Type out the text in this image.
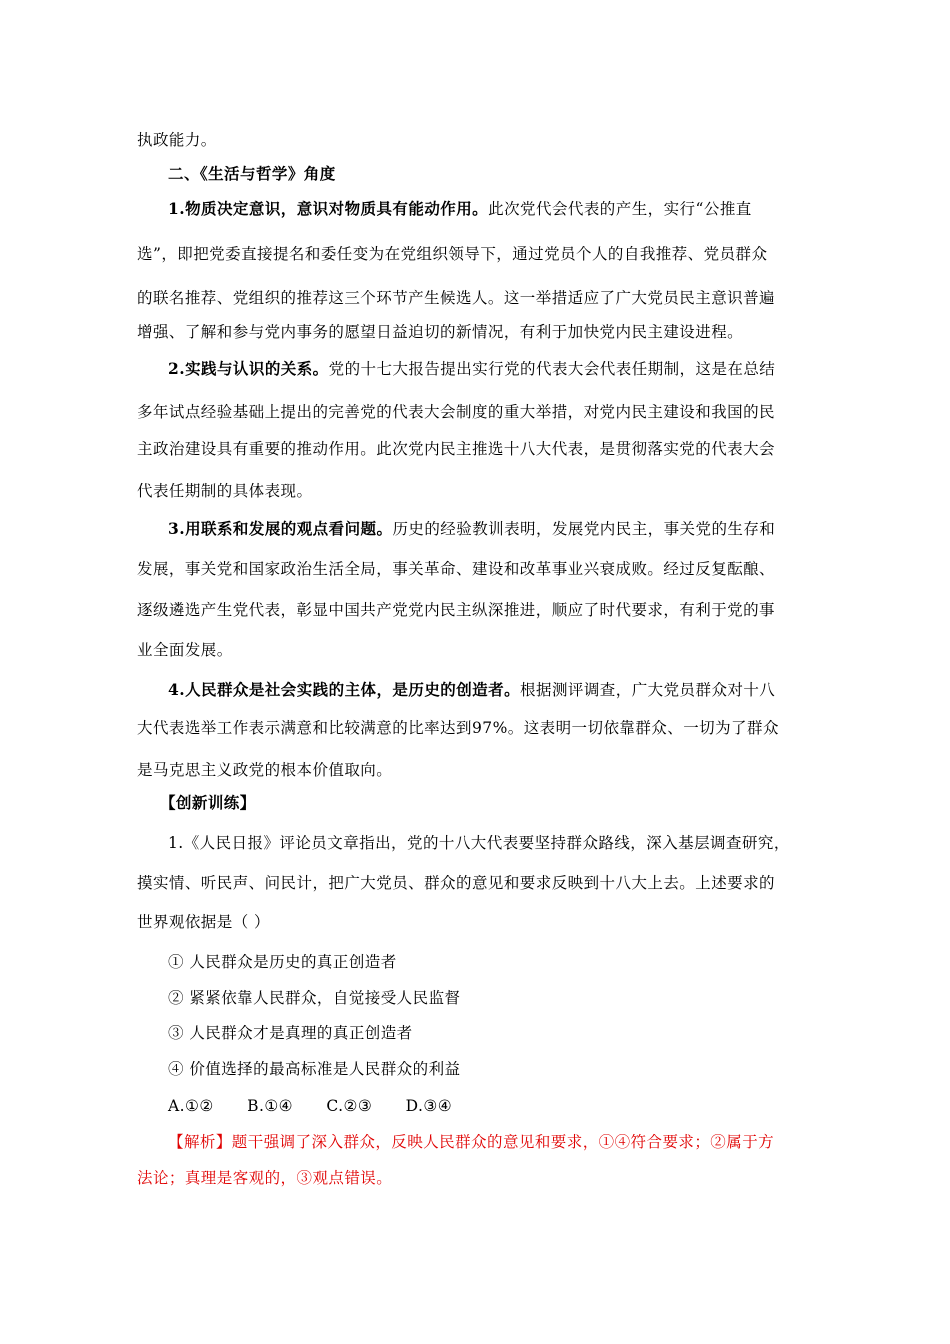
执政能力。
二、《生活与哲学》角度
1.物质决定意识，意识对物质具有能动作用。此次党代会代表的产生，实行“公推直
选”，即把党委直接提名和委任变为在党组织领导下，通过党员个人的自我推荐、党员群众
的联名推荐、党组织的推荐这三个环节产生候选人。这一举措适应了广大党员民主意识普遍
增强、了解和参与党内事务的愿望日益迫切的新情况，有利于加快党内民主建设进程。
2.实践与认识的关系。党的十七大报告提出实行党的代表大会代表任期制，这是在总结
多年试点经验基础上提出的完善党的代表大会制度的重大举措，对党内民主建设和我国的民
主政治建设具有重要的推动作用。此次党内民主推选十八大代表，是贯彻落实党的代表大会
代表任期制的具体表现。
3.用联系和发展的观点看问题。历史的经验教训表明，发展党内民主，事关党的生存和
发展，事关党和国家政治生活全局，事关革命、建设和改革事业兴衰成败。经过反复酝酿、
逐级遴选产生党代表，彰显中国共产党党内民主纵深推进，顺应了时代要求，有利于党的事
业全面发展。
4.人民群众是社会实践的主体，是历史的创造者。根据测评调查，广大党员群众对十八
大代表选举工作表示满意和比较满意的比率达到97%。这表明一切依靠群众、一切为了群众
是马克思主义政党的根本价值取向。
【创新训练】
1.《人民日报》评论员文章指出，党的十八大代表要坚持群众路线，深入基层调查研究，
摸实情、听民声、问民计，把广大党员、群众的意见和要求反映到十八大上去。上述要求的
世界观依据是（ ）
① 人民群众是历史的真正创造者
② 紧紧依靠人民群众，自觉接受人民监督
③ 人民群众才是真理的真正创造者
④ 价值选择的最高标准是人民群众的利益
A.①② B.①④ C.②③ D.③④
【解析】题干强调了深入群众，反映人民群众的意见和要求，①④符合要求；②属于方
法论；真理是客观的，③观点错误。
